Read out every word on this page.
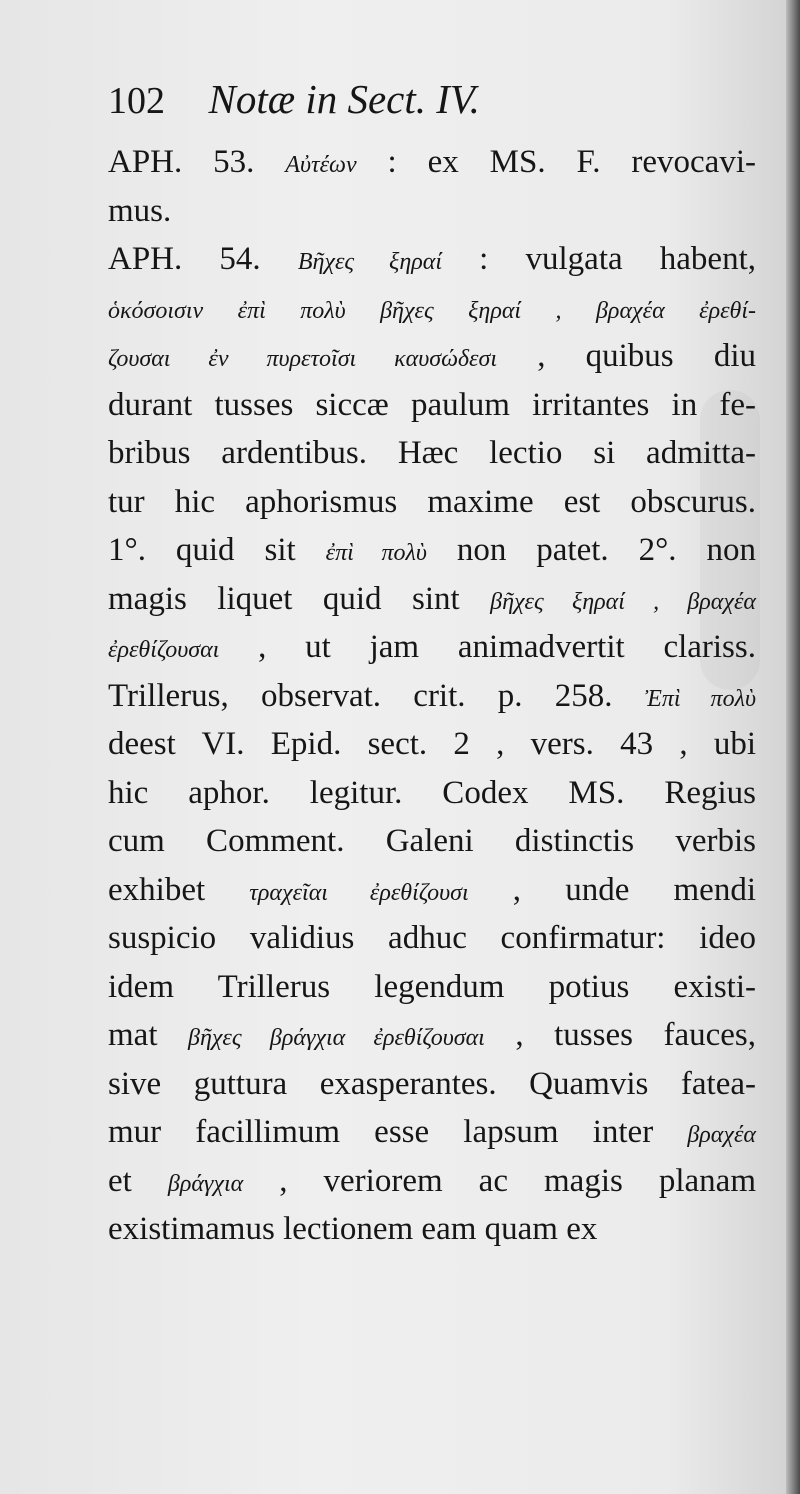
102 Notæ in Sect. IV.
APH. 53. Αὐτέων : ex MS. F. revocavi-
mus.
APH. 54. Βῆχες ξηραί : vulgata habent,
ὁκόσοισιν ἐπὶ πολὺ βῆχες ξηραί , βραχέα ἐρεθί-
ζουσαι ἐν πυρετοῖσι καυσώδεσι , quibus diu
durant tusses siccæ paulum irritantes in fe-
bribus ardentibus. Hæc lectio si admitta-
tur hic aphorismus maxime est obscurus.
1°. quid sit ἐπὶ πολὺ non patet. 2°. non
magis liquet quid sint βῆχες ξηραί , βραχέα
ἐρεθίζουσαι , ut jam animadvertit clariss.
Trillerus, observat. crit. p. 258. Ἐπὶ πολὺ
deest VI. Epid. sect. 2 , vers. 43 , ubi
hic aphor. legitur. Codex MS. Regius
cum Comment. Galeni distinctis verbis
exhibet τραχεῖαι ἐρεθίζουσι , unde mendi
suspicio validius adhuc confirmatur: ideo
idem Trillerus legendum potius existi-
mat βῆχες βράγχια ἐρεθίζουσαι , tusses fauces,
sive guttura exasperantes. Quamvis fatea-
mur facillimum esse lapsum inter βραχέα
et βράγχια , veriorem ac magis planam
existimamus lectionem eam quam ex
